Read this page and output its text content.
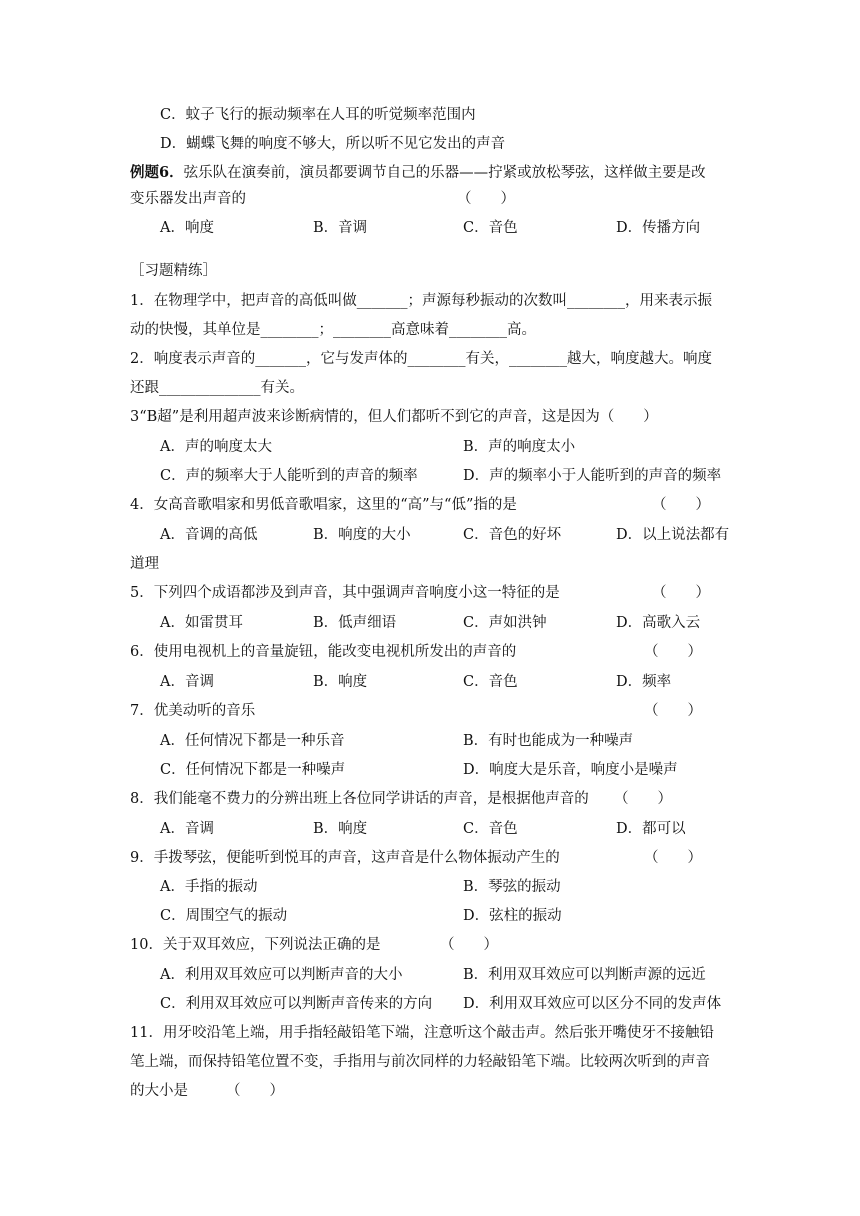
C．蚊子飞行的振动频率在人耳的听觉频率范围内
D．蝴蝶飞舞的响度不够大，所以听不见它发出的声音
例题6．弦乐队在演奏前，演员都要调节自己的乐器——拧紧或放松琴弦，这样做主要是改
变乐器发出声音的	（　　）
A．响度	B．音调	C．音色	D．传播方向
［习题精练］
1．在物理学中，把声音的高低叫做_______；声源每秒振动的次数叫________，用来表示振
动的快慢，其单位是________；________高意味着________高。
2．响度表示声音的_______，它与发声体的________有关，________越大，响度越大。响度
还跟______________有关。
3“B超”是利用超声波来诊断病情的，但人们都听不到它的声音，这是因为（　　）
A．声的响度太大	B．声的响度太小
C．声的频率大于人能听到的声音的频率	D．声的频率小于人能听到的声音的频率
4．女高音歌唱家和男低音歌唱家，这里的“高”与“低”指的是	（　　）
A．音调的高低	B．响度的大小	C．音色的好坏	D．以上说法都有
道理
5．下列四个成语都涉及到声音，其中强调声音响度小这一特征的是	（　　）
A．如雷贯耳	B．低声细语	C．声如洪钟	D．高歌入云
6．使用电视机上的音量旋钮，能改变电视机所发出的声音的	（　　）
A．音调	B．响度	C．音色	D．频率
7．优美动听的音乐	（　　）
A．任何情况下都是一种乐音	B．有时也能成为一种噪声
C．任何情况下都是一种噪声	D．响度大是乐音，响度小是噪声
8．我们能毫不费力的分辨出班上各位同学讲话的声音，是根据他声音的 （　　）
A．音调	B．响度	C．音色	D．都可以
9．手拨琴弦，便能听到悦耳的声音，这声音是什么物体振动产生的	（　　）
A．手指的振动	B．琴弦的振动
C．周围空气的振动	D．弦柱的振动
10．关于双耳效应，下列说法正确的是	（　　）
A．利用双耳效应可以判断声音的大小	B．利用双耳效应可以判断声源的远近
C．利用双耳效应可以判断声音传来的方向 D．利用双耳效应可以区分不同的发声体
11．用牙咬沿笔上端，用手指轻敲铅笔下端，注意听这个敲击声。然后张开嘴使牙不接触铅
笔上端，而保持铅笔位置不变，手指用与前次同样的力轻敲铅笔下端。比较两次听到的声音
的大小是	（　　）
